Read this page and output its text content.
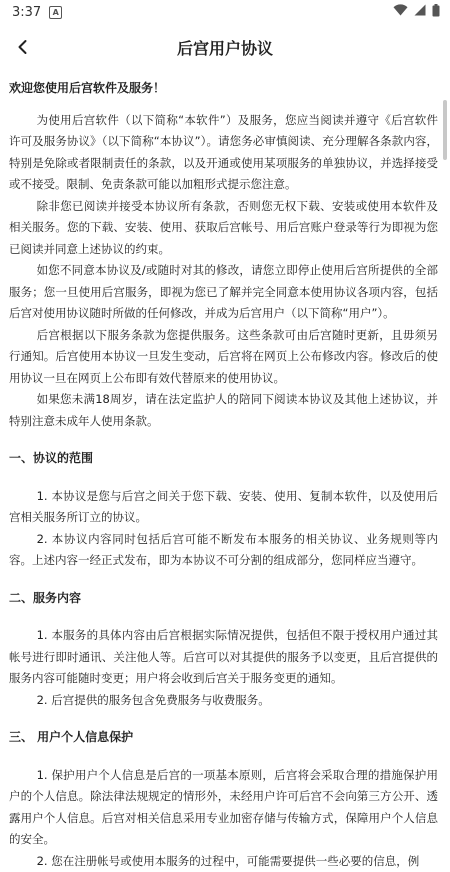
3:37	A
后宫用户协议
欢迎您使用后宫软件及服务！

为使用后宫软件（以下简称“本软件”）及服务，您应当阅读并遵守《后宫软件许可及服务协议》（以下简称“本协议”）。请您务必审慎阅读、充分理解各条款内容，特别是免除或者限制责任的条款，以及开通或使用某项服务的单独协议，并选择接受或不接受。限制、免责条款可能以加粗形式提示您注意。

除非您已阅读并接受本协议所有条款，否则您无权下载、安装或使用本软件及相关服务。您的下载、安装、使用、获取后宫帐号、用后宫账户登录等行为即视为您已阅读并同意上述协议的约束。

如您不同意本协议及/或随时对其的修改，请您立即停止使用后宫所提供的全部服务；您一旦使用后宫服务，即视为您已了解并完全同意本使用协议各项内容，包括后宫对使用协议随时所做的任何修改，并成为后宫用户（以下简称“用户”）。

后宫根据以下服务条款为您提供服务。这些条款可由后宫随时更新，且毋须另行通知。后宫使用本协议一旦发生变动，后宫将在网页上公布修改内容。修改后的使用协议一旦在网页上公布即有效代替原来的使用协议。

如果您未满18周岁，请在法定监护人的陪同下阅读本协议及其他上述协议，并特别注意未成年人使用条款。

一、协议的范围

1. 本协议是您与后宫之间关于您下载、安装、使用、复制本软件，以及使用后宫相关服务所订立的协议。

2. 本协议内容同时包括后宫可能不断发布本服务的相关协议、业务规则等内容。上述内容一经正式发布，即为本协议不可分割的组成部分，您同样应当遵守。

二、服务内容

1. 本服务的具体内容由后宫根据实际情况提供，包括但不限于授权用户通过其帐号进行即时通讯、关注他人等。后宫可以对其提供的服务予以变更，且后宫提供的服务内容可能随时变更；用户将会收到后宫关于服务变更的通知。

2. 后宫提供的服务包含免费服务与收费服务。

三、 用户个人信息保护

1. 保护用户个人信息是后宫的一项基本原则，后宫将会采取合理的措施保护用户的个人信息。除法律法规规定的情形外，未经用户许可后宫不会向第三方公开、透露用户个人信息。后宫对相关信息采用专业加密存储与传输方式，保障用户个人信息的安全。

2. 您在注册帐号或使用本服务的过程中，可能需要提供一些必要的信息，例
